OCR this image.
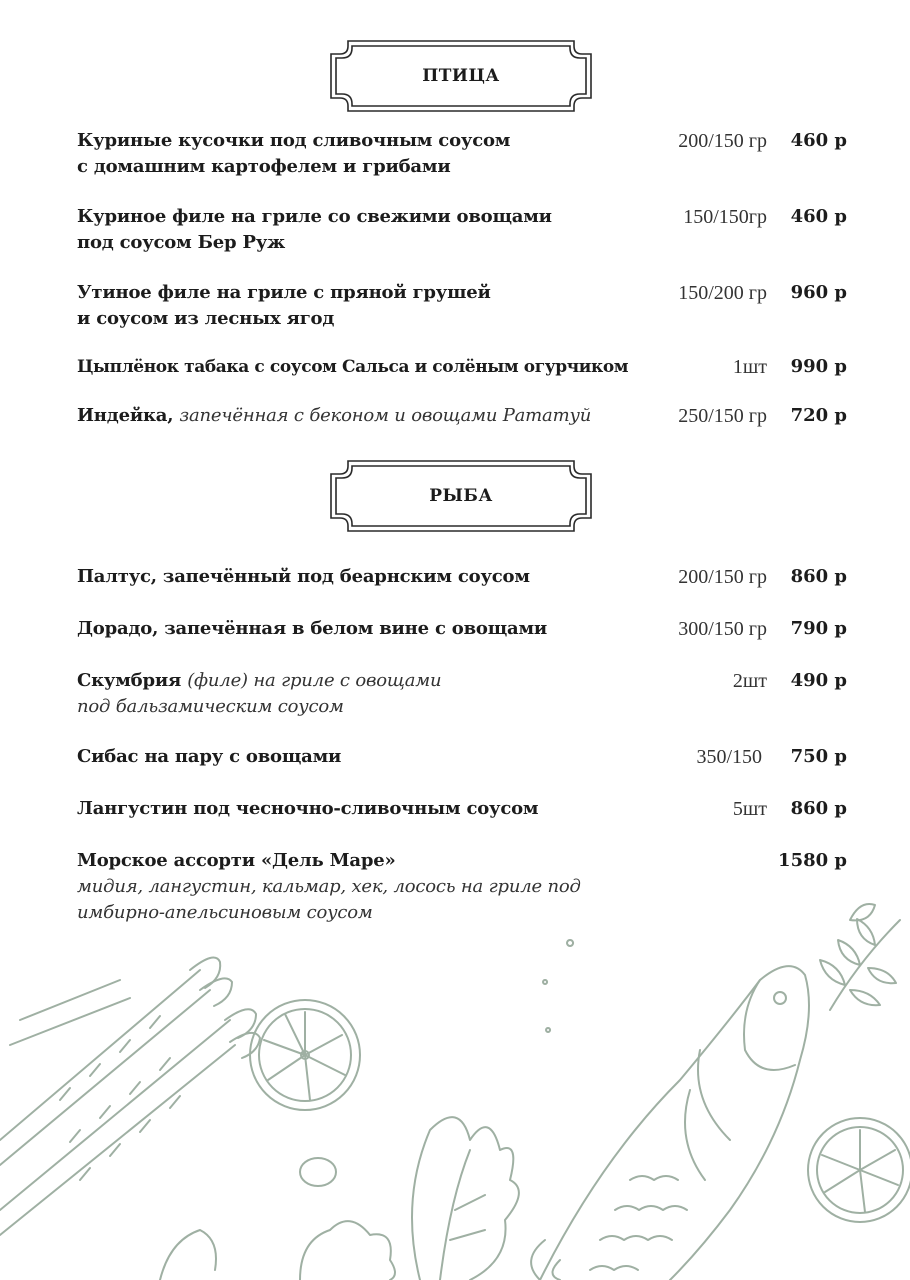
ПТИЦА
Куриные кусочки под сливочным соусом
с домашним картофелем и грибами
200/150 гр 460 р
Куриное филе на гриле со свежими овощами
под соусом Бер Руж
150/150гр 460 р
Утиное филе на гриле с пряной грушей
и соусом из лесных ягод
150/200 гр 960 р
Цыплёнок табака с соусом Сальса и солёным огурчиком	1шт 990 р
Индейка, запечённая с беконом и овощами Рататуй	250/150 гр 720 р
РЫБА
Палтус, запечённый под беарнским соусом	200/150 гр 860 р
Дорадо, запечённая в белом вине с овощами	300/150 гр 790 р
Скумбрия (филе) на гриле с овощами
под бальзамическим соусом
2шт 490 р
Сибас на пару с овощами	350/150 750 р
Лангустин под чесночно-сливочным соусом	5шт 860 р
Морское ассорти «Дель Маре»
мидия, лангустин, кальмар, хек, лосось на гриле под
имбирно-апельсиновым соусом
1580 р
